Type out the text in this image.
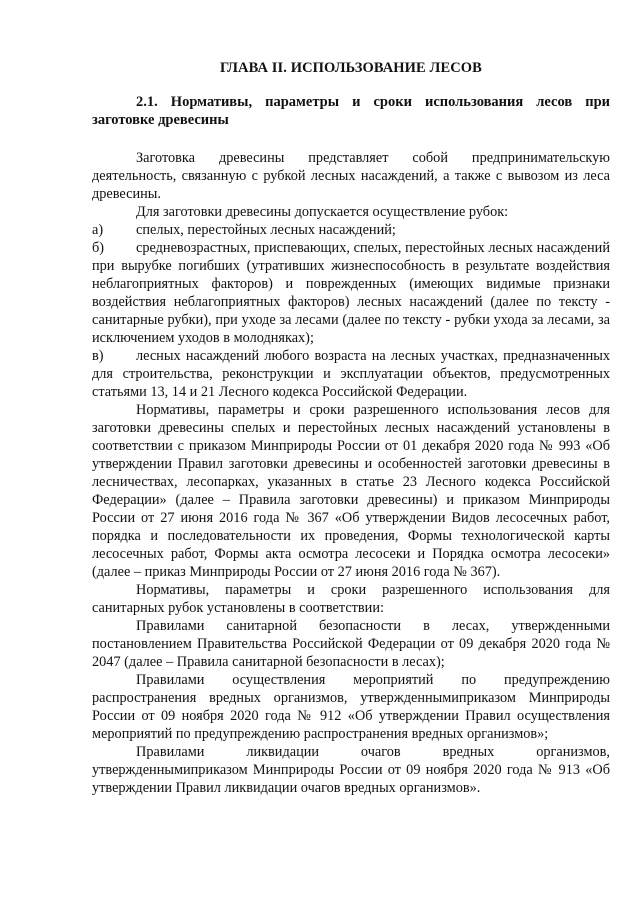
ГЛАВА II. ИСПОЛЬЗОВАНИЕ ЛЕСОВ
2.1. Нормативы, параметры и сроки использования лесов при заготовке древесины

Заготовка древесины представляет собой предпринимательскую деятельность, связанную с рубкой лесных насаждений, а также с вывозом из леса древесины.

Для заготовки древесины допускается осуществление рубок:

а) спелых, перестойных лесных насаждений;

б) средневозрастных, приспевающих, спелых, перестойных лесных насаждений при вырубке погибших (утративших жизнеспособность в результате воздействия неблагоприятных факторов) и поврежденных (имеющих видимые признаки воздействия неблагоприятных факторов) лесных насаждений (далее по тексту - санитарные рубки), при уходе за лесами (далее по тексту - рубки ухода за лесами, за исключением уходов в молодняках);

в) лесных насаждений любого возраста на лесных участках, предназначенных для строительства, реконструкции и эксплуатации объектов, предусмотренных статьями 13, 14 и 21 Лесного кодекса Российской Федерации.

Нормативы, параметры и сроки разрешенного использования лесов для заготовки древесины спелых и перестойных лесных насаждений установлены в соответствии с приказом Минприроды России от 01 декабря 2020 года № 993 «Об утверждении Правил заготовки древесины и особенностей заготовки древесины в лесничествах, лесопарках, указанных в статье 23 Лесного кодекса Российской Федерации» (далее – Правила заготовки древесины) и приказом Минприроды России от 27 июня 2016 года № 367 «Об утверждении Видов лесосечных работ, порядка и последовательности их проведения, Формы технологической карты лесосечных работ, Формы акта осмотра лесосеки и Порядка осмотра лесосеки» (далее – приказ Минприроды России от 27 июня 2016 года № 367).

Нормативы, параметры и сроки разрешенного использования для санитарных рубок установлены в соответствии:

Правилами санитарной безопасности в лесах, утвержденными постановлением Правительства Российской Федерации от 09 декабря 2020 года № 2047 (далее – Правила санитарной безопасности в лесах);

Правилами осуществления мероприятий по предупреждению распространения вредных организмов, утвержденнымиприказом Минприроды России от 09 ноября 2020 года № 912 «Об утверждении Правил осуществления мероприятий по предупреждению распространения вредных организмов»;

Правилами ликвидации очагов вредных организмов, утвержденнымиприказом Минприроды России от 09 ноября 2020 года № 913 «Об утверждении Правил ликвидации очагов вредных организмов».
